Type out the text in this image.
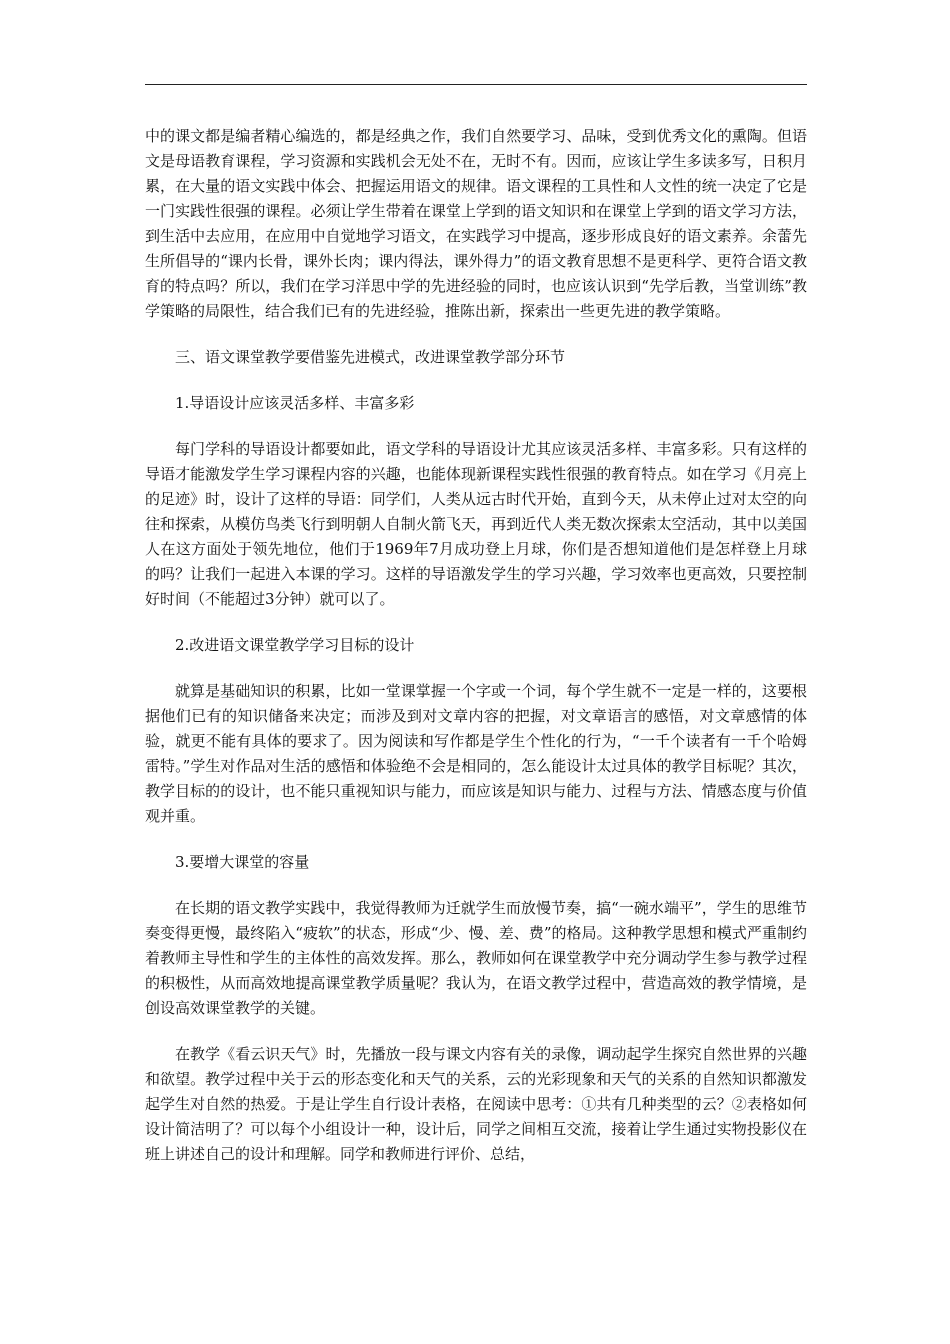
中的课文都是编者精心编选的，都是经典之作，我们自然要学习、品味，受到优秀文化的熏陶。但语文是母语教育课程，学习资源和实践机会无处不在，无时不有。因而，应该让学生多读多写，日积月累，在大量的语文实践中体会、把握运用语文的规律。语文课程的工具性和人文性的统一决定了它是一门实践性很强的课程。必须让学生带着在课堂上学到的语文知识和在课堂上学到的语文学习方法，到生活中去应用，在应用中自觉地学习语文，在实践学习中提高，逐步形成良好的语文素养。余蕾先生所倡导的“课内长骨，课外长肉；课内得法，课外得力”的语文教育思想不是更科学、更符合语文教育的特点吗？所以，我们在学习洋思中学的先进经验的同时，也应该认识到“先学后教，当堂训练”教学策略的局限性，结合我们已有的先进经验，推陈出新，探索出一些更先进的教学策略。

三、语文课堂教学要借鉴先进模式，改进课堂教学部分环节

1.导语设计应该灵活多样、丰富多彩

每门学科的导语设计都要如此，语文学科的导语设计尤其应该灵活多样、丰富多彩。只有这样的导语才能激发学生学习课程内容的兴趣，也能体现新课程实践性很强的教育特点。如在学习《月亮上的足迹》时，设计了这样的导语：同学们，人类从远古时代开始，直到今天，从未停止过对太空的向往和探索，从模仿鸟类飞行到明朝人自制火箭飞天，再到近代人类无数次探索太空活动，其中以美国人在这方面处于领先地位，他们于1969年7月成功登上月球，你们是否想知道他们是怎样登上月球的吗？让我们一起进入本课的学习。这样的导语激发学生的学习兴趣，学习效率也更高效，只要控制好时间（不能超过3分钟）就可以了。

2.改进语文课堂教学学习目标的设计

就算是基础知识的积累，比如一堂课掌握一个字或一个词，每个学生就不一定是一样的，这要根据他们已有的知识储备来决定；而涉及到对文章内容的把握，对文章语言的感悟，对文章感情的体验，就更不能有具体的要求了。因为阅读和写作都是学生个性化的行为，“一千个读者有一千个哈姆雷特。”学生对作品对生活的感悟和体验绝不会是相同的，怎么能设计太过具体的教学目标呢？其次，教学目标的的设计，也不能只重视知识与能力，而应该是知识与能力、过程与方法、情感态度与价值观并重。

3.要增大课堂的容量

在长期的语文教学实践中，我觉得教师为迁就学生而放慢节奏，搞“一碗水端平”，学生的思维节奏变得更慢，最终陷入“疲软”的状态，形成“少、慢、差、费”的格局。这种教学思想和模式严重制约着教师主导性和学生的主体性的高效发挥。那么，教师如何在课堂教学中充分调动学生参与教学过程的积极性，从而高效地提高课堂教学质量呢？我认为，在语文教学过程中，营造高效的教学情境，是创设高效课堂教学的关键。

在教学《看云识天气》时，先播放一段与课文内容有关的录像，调动起学生探究自然世界的兴趣和欲望。教学过程中关于云的形态变化和天气的关系，云的光彩现象和天气的关系的自然知识都激发起学生对自然的热爱。于是让学生自行设计表格，在阅读中思考：①共有几种类型的云？②表格如何设计简洁明了？可以每个小组设计一种，设计后，同学之间相互交流，接着让学生通过实物投影仪在班上讲述自己的设计和理解。同学和教师进行评价、总结，
